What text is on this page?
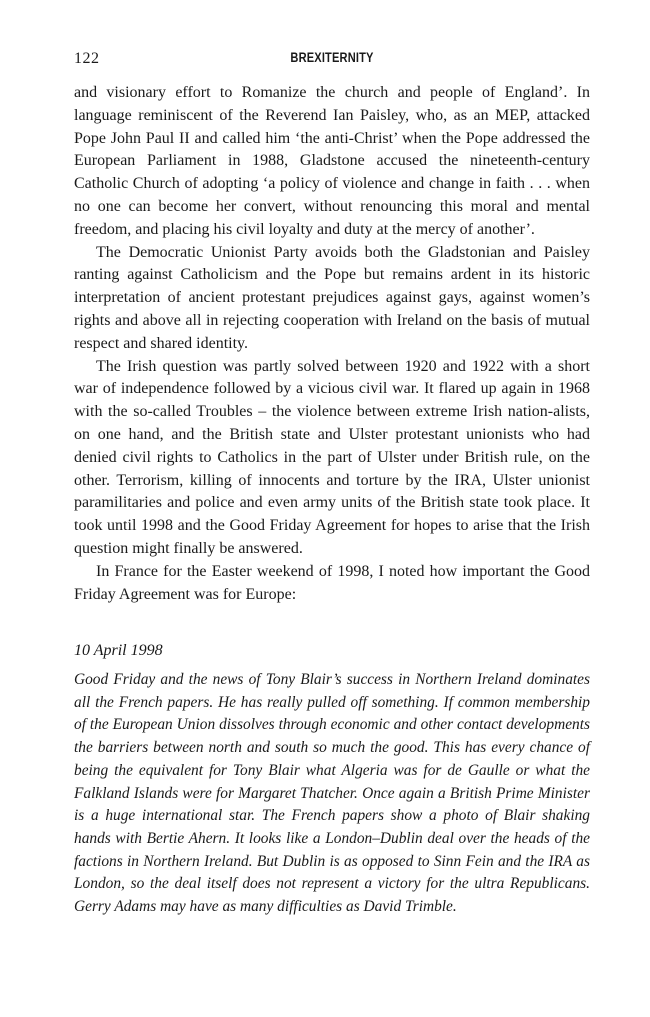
122	BREXITERNITY

and visionary effort to Romanize the church and people of England’. In language reminiscent of the Reverend Ian Paisley, who, as an MEP, attacked Pope John Paul II and called him ‘the anti-Christ’ when the Pope addressed the European Parliament in 1988, Gladstone accused the nineteenth-century Catholic Church of adopting ‘a policy of violence and change in faith . . . when no one can become her convert, without renouncing this moral and mental freedom, and placing his civil loyalty and duty at the mercy of another’.

The Democratic Unionist Party avoids both the Gladstonian and Paisley ranting against Catholicism and the Pope but remains ardent in its historic interpretation of ancient protestant prejudices against gays, against women’s rights and above all in rejecting cooperation with Ireland on the basis of mutual respect and shared identity.

The Irish question was partly solved between 1920 and 1922 with a short war of independence followed by a vicious civil war. It flared up again in 1968 with the so-called Troubles – the violence between extreme Irish nation-alists, on one hand, and the British state and Ulster protestant unionists who had denied civil rights to Catholics in the part of Ulster under British rule, on the other. Terrorism, killing of innocents and torture by the IRA, Ulster unionist paramilitaries and police and even army units of the British state took place. It took until 1998 and the Good Friday Agreement for hopes to arise that the Irish question might finally be answered.

In France for the Easter weekend of 1998, I noted how important the Good Friday Agreement was for Europe:

10 April 1998
Good Friday and the news of Tony Blair’s success in Northern Ireland dominates all the French papers. He has really pulled off something. If common membership of the European Union dissolves through economic and other contact developments the barriers between north and south so much the good. This has every chance of being the equivalent for Tony Blair what Algeria was for de Gaulle or what the Falkland Islands were for Margaret Thatcher. Once again a British Prime Minister is a huge international star. The French papers show a photo of Blair shaking hands with Bertie Ahern. It looks like a London–Dublin deal over the heads of the factions in Northern Ireland. But Dublin is as opposed to Sinn Fein and the IRA as London, so the deal itself does not represent a victory for the ultra Republicans. Gerry Adams may have as many difficulties as David Trimble.
